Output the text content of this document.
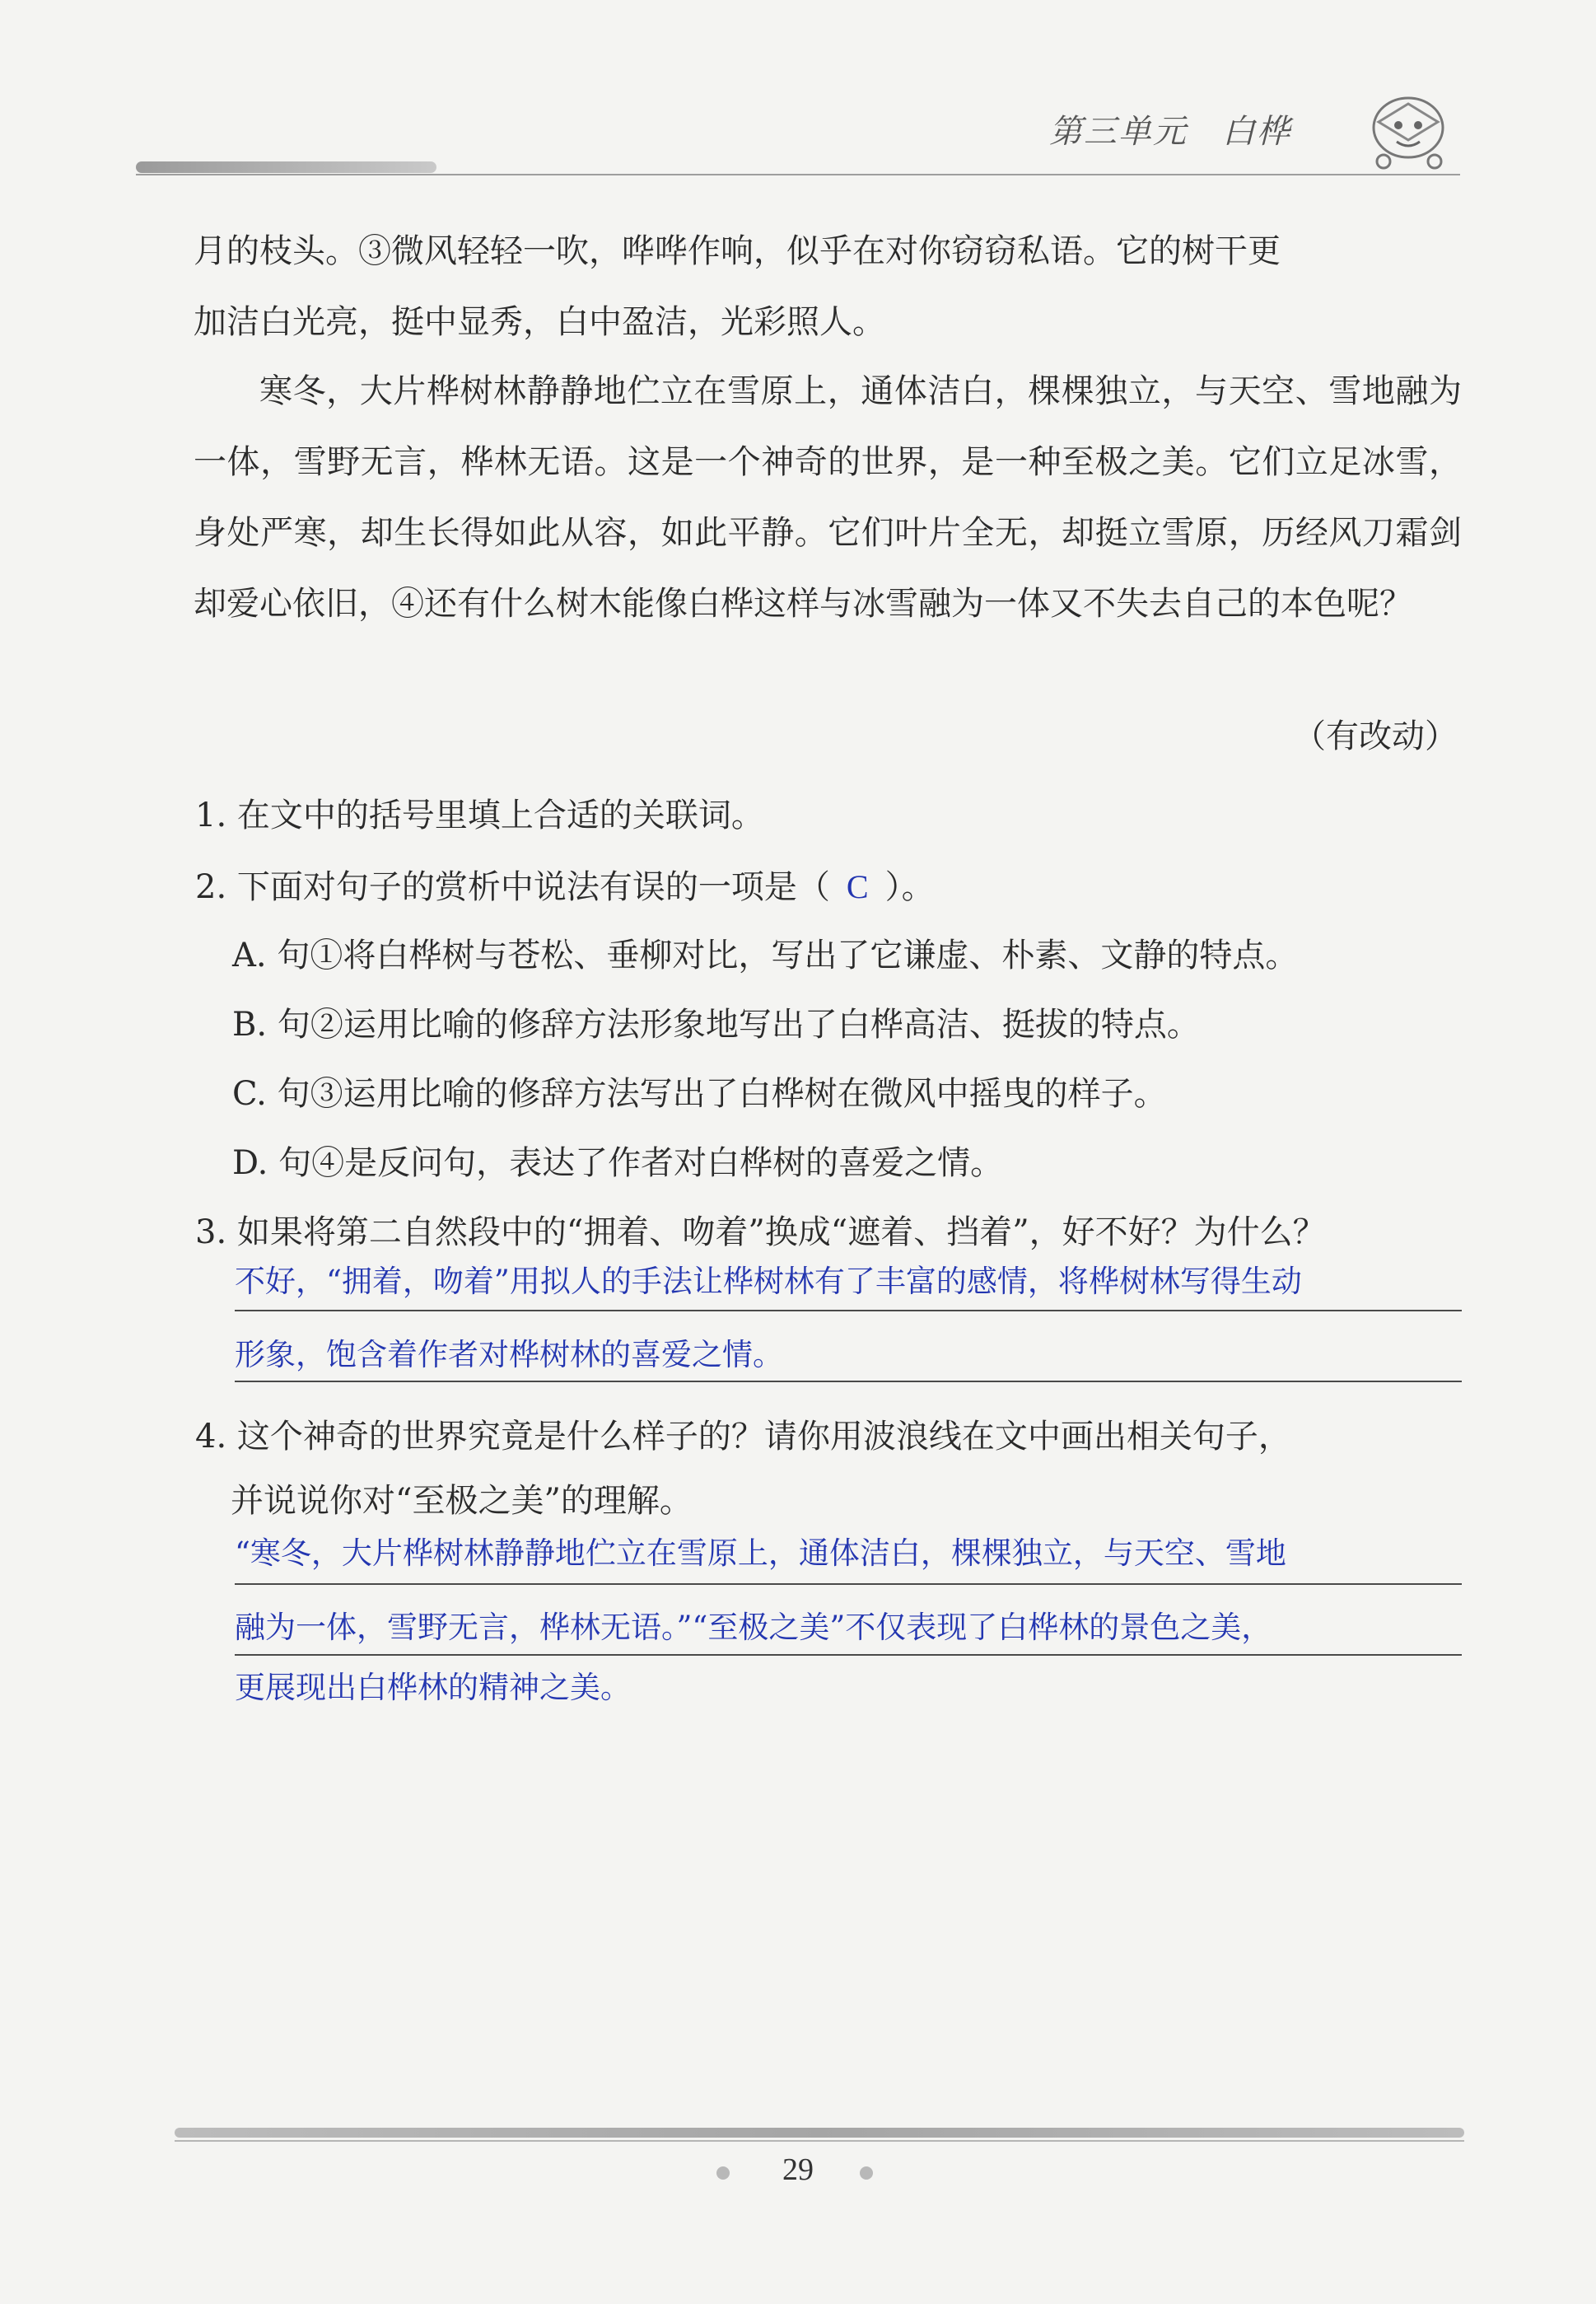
第三单元　白桦

月的枝头。③微风轻轻一吹，哗哗作响，似乎在对你窃窃私语。它的树干更

加洁白光亮，挺中显秀，白中盈洁，光彩照人。

寒冬，大片桦树林静静地伫立在雪原上，通体洁白，棵棵独立，与天空、雪地融为一体，雪野无言，桦林无语。这是一个神奇的世界，是一种至极之美。它们立足冰雪，身处严寒，却生长得如此从容，如此平静。它们叶片全无，却挺立雪原，历经风刀霜剑却爱心依旧，④还有什么树木能像白桦这样与冰雪融为一体又不失去自己的本色呢？

（有改动）
1. 在文中的括号里填上合适的关联词。
2. 下面对句子的赏析中说法有误的一项是（ C ）。
A. 句①将白桦树与苍松、垂柳对比，写出了它谦虚、朴素、文静的特点。
B. 句②运用比喻的修辞方法形象地写出了白桦高洁、挺拔的特点。
C. 句③运用比喻的修辞方法写出了白桦树在微风中摇曳的样子。
D. 句④是反问句，表达了作者对白桦树的喜爱之情。
3. 如果将第二自然段中的“拥着、吻着”换成“遮着、挡着”，好不好？为什么？
不好，“拥着，吻着”用拟人的手法让桦树林有了丰富的感情，将桦树林写得生动
形象，饱含着作者对桦树林的喜爱之情。
4. 这个神奇的世界究竟是什么样子的？请你用波浪线在文中画出相关句子，
并说说你对“至极之美”的理解。
“寒冬，大片桦树林静静地伫立在雪原上，通体洁白，棵棵独立，与天空、雪地
融为一体，雪野无言，桦林无语。”“至极之美”不仅表现了白桦林的景色之美，
更展现出白桦林的精神之美。
29
